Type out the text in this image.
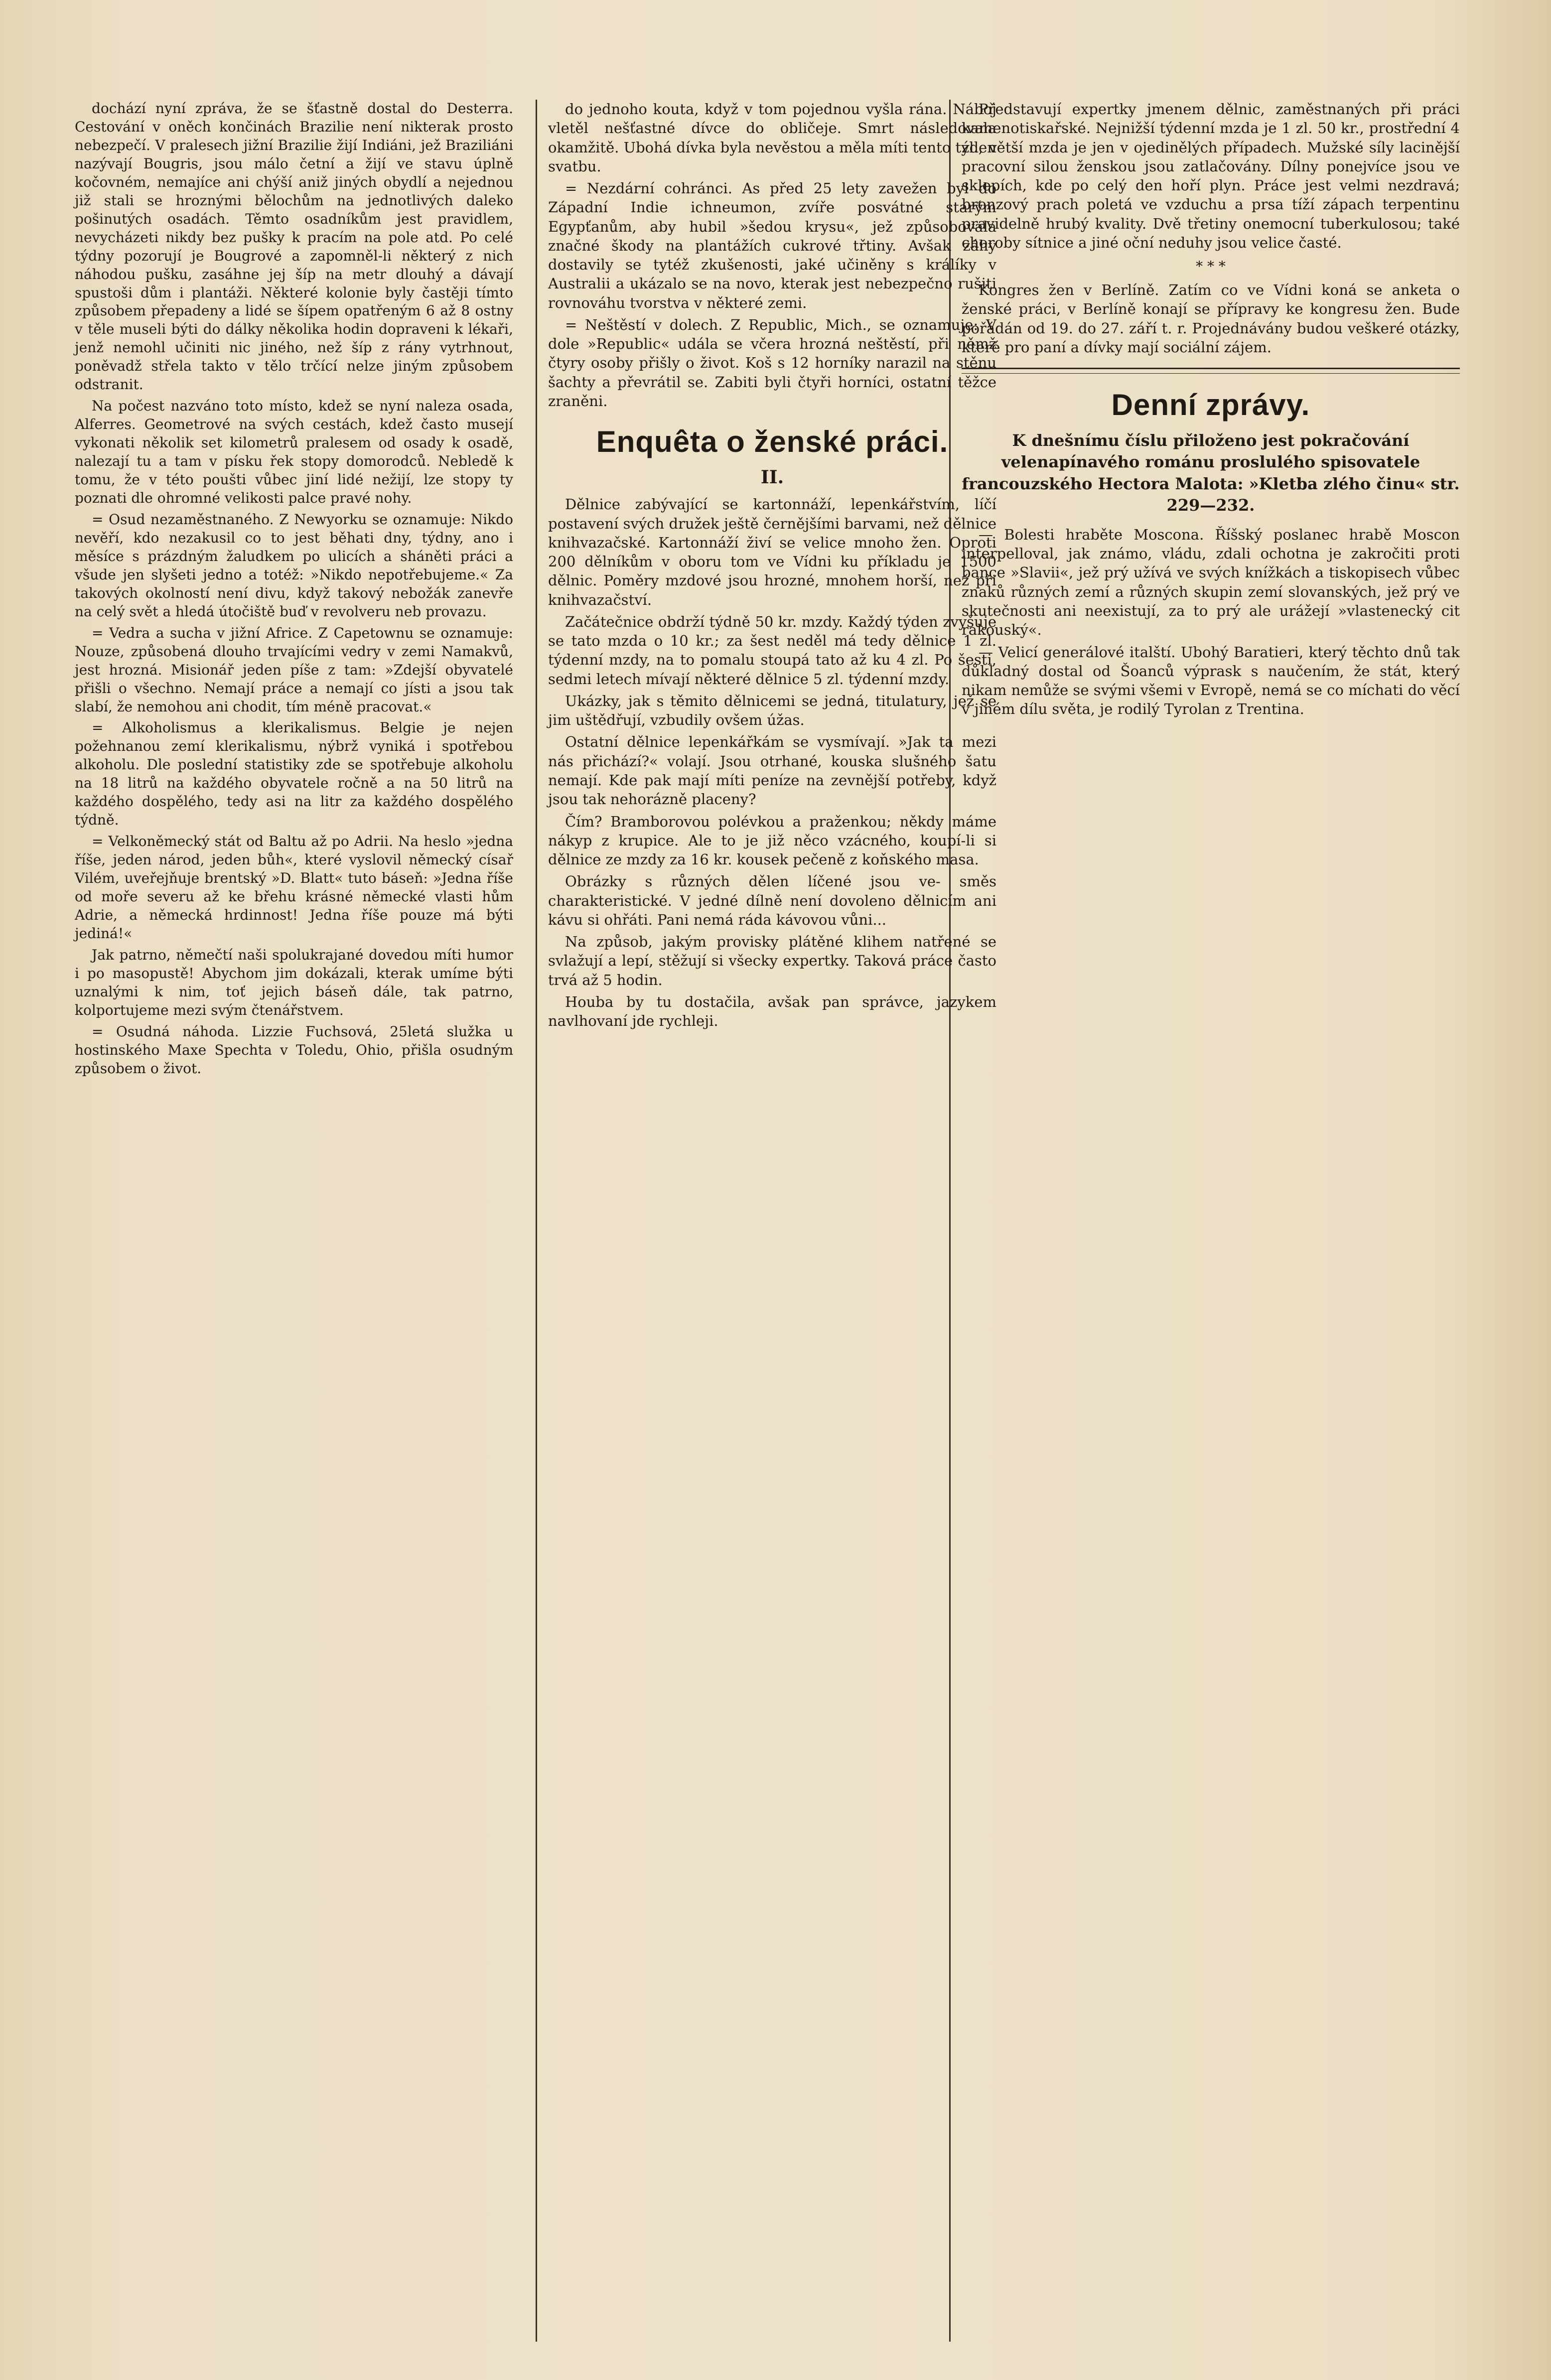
dochází nyní zpráva, že se šťastně dostal do Desterra. Cestování v oněch končinách Brazilie není nikterak prosto nebezpečí. V pralesech jižní Brazilie žijí Indiáni, jež Braziliáni nazývají Bougris, jsou málo četní a žijí ve stavu úplně kočovném, nemajíce ani chýší aniž jiných obydlí a nejednou již stali se hroznými bělochům na jednotlivých daleko pošinutých osadách. Těmto osadníkům jest pravidlem, nevycházeti nikdy bez pušky k pracím na pole atd. Po celé týdny pozorují je Bougrové a zapomněl-li některý z nich náhodou pušku, zasáhne jej šíp na metr dlouhý a dávají spustoši dům i plantáži. Některé kolonie byly častěji tímto způsobem přepadeny a lidé se šípem opatřeným 6 až 8 ostny v těle museli býti do dálky několika hodin dopraveni k lékaři, jenž nemohl učiniti nic jiného, než šíp z rány vytrhnout, poněvadž střela takto v tělo trčící nelze jiným způsobem odstranit.

Na počest nazváno toto místo, kdež se nyní naleza osada, Alferres. Geometrové na svých cestách, kdež často musejí vykonati několik set kilometrů pralesem od osady k osadě, nalezají tu a tam v písku řek stopy domorodců. Nebledě k tomu, že v této poušti vůbec jiní lidé nežijí, lze stopy ty poznati dle ohromné velikosti palce pravé nohy.

= Osud nezaměstnaného. Z Newyorku se oznamuje: Nikdo nevěří, kdo nezakusil co to jest běhati dny, týdny, ano i měsíce s prázdným žaludkem po ulicích a sháněti práci a všude jen slyšeti jedno a totéž: »Nikdo nepotřebujeme.« Za takových okolností není divu, když takový nebožák zanevře na celý svět a hledá útočiště buď v revolveru neb provazu.

= Vedra a sucha v jižní Africe. Z Capetownu se oznamuje: Nouze, způsobená dlouho trvajícími vedry v zemi Namakvů, jest hrozná. Misionář jeden píše z tam: »Zdejší obyvatelé přišli o všechno. Nemají práce a nemají co jísti a jsou tak slabí, že nemohou ani chodit, tím méně pracovat.«

= Alkoholismus a klerikalismus. Belgie je nejen požehnanou zemí klerikalismu, nýbrž vyniká i spotřebou alkoholu. Dle poslední statistiky zde se spotřebuje alkoholu na 18 litrů na každého obyvatele ročně a na 50 litrů na každého dospělého, tedy asi na litr za každého dospělého týdně.

= Velkoněmecký stát od Baltu až po Adrii. Na heslo »jedna říše, jeden národ, jeden bůh«, které vyslovil německý císař Vilém, uveřejňuje brentský »D. Blatt« tuto báseň: »Jedna říše od moře severu až ke břehu krásné německé vlasti hům Adrie, a německá hrdinnost! Jedna říše pouze má býti jediná!«

Jak patrno, němečtí naši spolukrajané dovedou míti humor i po masopustě! Abychom jim dokázali, kterak umíme býti uznalými k nim, toť jejich báseň dále, tak patrno, kolportujeme mezi svým čtenářstvem.

= Osudná náhoda. Lizzie Fuchsová, 25letá služka u hostinského Maxe Spechta v Toledu, Ohio, přišla osudným způsobem o život.

do jednoho kouta, když v tom pojednou vyšla rána. Náboj vletěl nešťastné dívce do obličeje. Smrt následovala okamžitě. Ubohá dívka byla nevěstou a měla míti tento týden svatbu.

= Nezdární cohránci. As před 25 lety zavežen byl do Západní Indie ichneumon, zvíře posvátné starým Egypťanům, aby hubil »šedou krysu«, jež způsobovala značné škody na plantážích cukrové třtiny. Avšak záhy dostavily se tytéž zkušenosti, jaké učiněny s králíky v Australii a ukázalo se na novo, kterak jest nebezpečno rušiti rovnováhu tvorstva v některé zemi.

= Neštěstí v dolech. Z Republic, Mich., se oznamuje: V dole »Republic« udála se včera hrozná neštěstí, při němž čtyry osoby přišly o život. Koš s 12 horníky narazil na stěnu šachty a převrátil se. Zabiti byli čtyři horníci, ostatní těžce zraněni.

Enquêta o ženské práci.
II.

Dělnice zabývající se kartonnáží, lepenkářstvím, líčí postavení svých družek ještě černějšími barvami, než dělnice knihvazačské. Kartonnáží živí se velice mnoho žen. Oproti 200 dělníkům v oboru tom ve Vídni ku příkladu je 1500 dělnic. Poměry mzdové jsou hrozné, mnohem horší, než při knihvazačství.

Začátečnice obdrží týdně 50 kr. mzdy. Každý týden zvyšuje se tato mzda o 10 kr.; za šest neděl má tedy dělnice 1 zl. týdenní mzdy, na to pomalu stoupá tato až ku 4 zl. Po šesti, sedmi letech mívají některé dělnice 5 zl. týdenní mzdy.

Ukázky, jak s těmito dělnicemi se jedná, titulatury, jež se jim uštědřují, vzbudily ovšem úžas.

Ostatní dělnice lepenkářkám se vysmívají. »Jak ta mezi nás přichází?« volají. Jsou otrhané, kouska slušného šatu nemají. Kde pak mají míti peníze na zevnější potřeby, když jsou tak nehorázně placeny?

Čím? Bramborovou polévkou a praženkou; někdy máme nákyp z krupice. Ale to je již něco vzácného, koupí-li si dělnice ze mzdy za 16 kr. kousek pečeně z koňského masa.

Obrázky s různých dělen líčené jsou ve- směs charakteristické. V jedné dílně není dovoleno dělnicím ani kávu si ohřáti. Pani nemá ráda kávovou vůni...

Na způsob, jakým provisky plátěné klihem natřené se svlažují a lepí, stěžují si všecky expertky. Taková práce často trvá až 5 hodin.

Houba by tu dostačila, avšak pan správce, jazykem navlhovaní jde rychleji.

Představují expertky jmenem dělnic, zaměstnaných při práci kamenotiskařské. Nejnižší týdenní mzda je 1 zl. 50 kr., prostřední 4 zl., větší mzda je jen v ojedinělých případech. Mužské síly lacinější pracovní silou ženskou jsou zatlačovány. Dílny ponejvíce jsou ve sklepích, kde po celý den hoří plyn. Práce jest velmi nezdravá; bronzový prach poletá ve vzduchu a prsa tíží zápach terpentinu pravidelně hrubý kvality. Dvě třetiny onemocní tuberkulosou; také choroby sítnice a jiné oční neduhy jsou velice časté.

* * *

Kongres žen v Berlíně. Zatím co ve Vídni koná se anketa o ženské práci, v Berlíně konají se přípravy ke kongresu žen. Bude pořádán od 19. do 27. září t. r. Projednávány budou veškeré otázky, které pro paní a dívky mají sociální zájem.

Denní zprávy.
K dnešnímu číslu přiloženo jest pokračování velenapínavého románu proslulého spisovatele francouzského Hectora Malota: »Kletba zlého činu« str. 229—232.

— Bolesti hraběte Moscona. Říšský poslanec hrabě Moscon interpelloval, jak známo, vládu, zdali ochotna je zakročiti proti bance »Slavii«, jež prý užívá ve svých knížkách a tiskopisech vůbec znaků různých zemí a různých skupin zemí slovanských, jež prý ve skutečnosti ani neexistují, za to prý ale urážejí »vlastenecký cit rakouský«.

— Velicí generálové italští. Ubohý Baratieri, který těchto dnů tak důkladný dostal od Šoanců výprask s naučením, že stát, který nikam nemůže se svými všemi v Evropě, nemá se co míchati do věcí v jiném dílu světa, je rodilý Tyrolan z Trentina.
